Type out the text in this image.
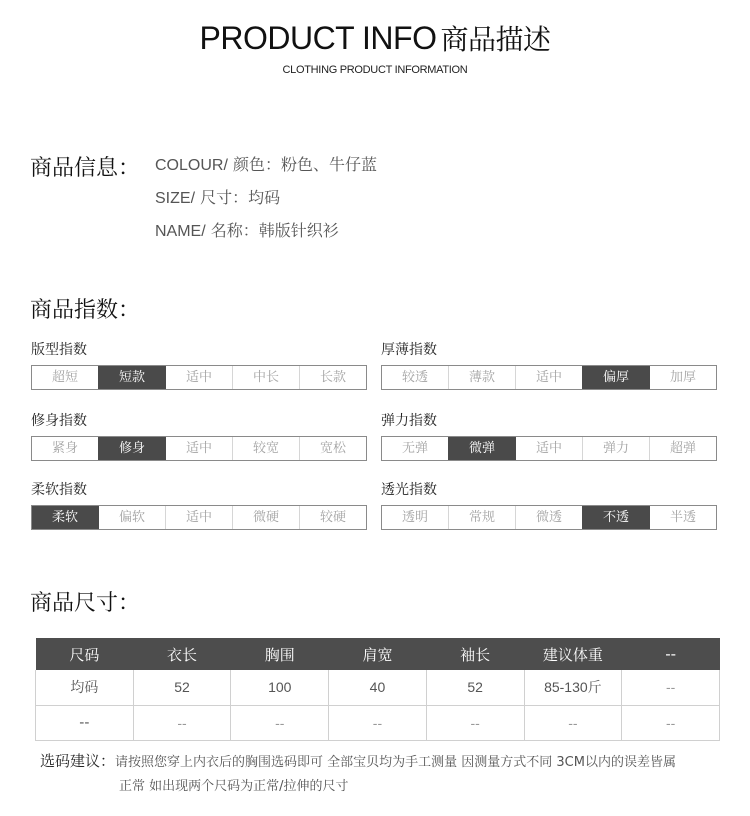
PRODUCT INFO 商品描述
CLOTHING PRODUCT INFORMATION
商品信息： COLOUR/ 颜色：粉色、牛仔蓝
SIZE/ 尺寸：均码
NAME/ 名称：韩版针织衫
商品指数：
版型指数
超短	短款	适中	中长	长款
厚薄指数
较透	薄款	适中	偏厚	加厚
修身指数
紧身	修身	适中	较宽	宽松
弹力指数
无弹	微弹	适中	弹力	超弹
柔软指数
柔软	偏软	适中	微硬	较硬
透光指数
透明	常规	微透	不透	半透
商品尺寸：
尺码	衣长	胸围	肩宽	袖长	建议体重	--
均码	52	100	40	52	85-130斤	--
--	--	--	--	--	--	--
选码建议：请按照您穿上内衣后的胸围选码即可 全部宝贝均为手工测量 因测量方式不同 3CM以内的误差皆属
正常 如出现两个尺码为正常/拉伸的尺寸
